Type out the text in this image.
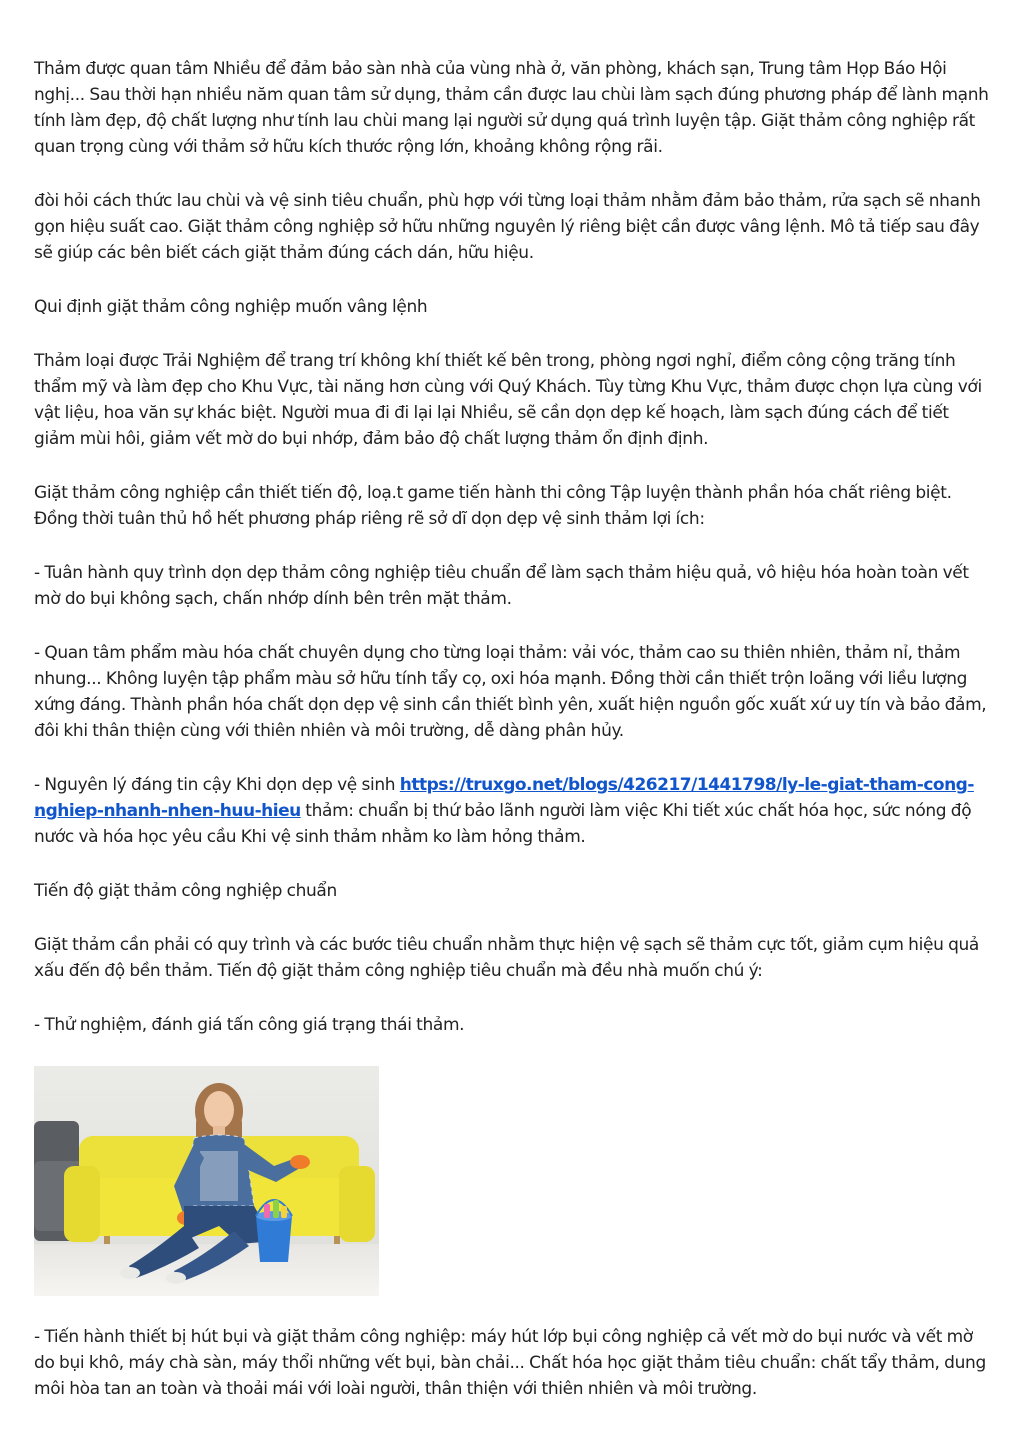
Thảm được quan tâm Nhiều để đảm bảo sàn nhà của vùng nhà ở, văn phòng, khách sạn, Trung tâm Họp Báo Hội nghị... Sau thời hạn nhiều năm quan tâm sử dụng, thảm cần được lau chùi làm sạch đúng phương pháp để lành mạnh tính làm đẹp, độ chất lượng như tính lau chùi mang lại người sử dụng quá trình luyện tập. Giặt thảm công nghiệp rất quan trọng cùng với thảm sở hữu kích thước rộng lớn, khoảng không rộng rãi.

đòi hỏi cách thức lau chùi và vệ sinh tiêu chuẩn, phù hợp với từng loại thảm nhằm đảm bảo thảm, rửa sạch sẽ nhanh gọn hiệu suất cao. Giặt thảm công nghiệp sở hữu những nguyên lý riêng biệt cần được vâng lệnh. Mô tả tiếp sau đây sẽ giúp các bên biết cách giặt thảm đúng cách dán, hữu hiệu.

Qui định giặt thảm công nghiệp muốn vâng lệnh

Thảm loại được Trải Nghiệm để trang trí không khí thiết kế bên trong, phòng ngơi nghỉ, điểm công cộng trăng tính thẩm mỹ và làm đẹp cho Khu Vực, tài năng hơn cùng với Quý Khách. Tùy từng Khu Vực, thảm được chọn lựa cùng với vật liệu, hoa văn sự khác biệt. Người mua đi đi lại lại Nhiều, sẽ cần dọn dẹp kế hoạch, làm sạch đúng cách để tiết giảm mùi hôi, giảm vết mờ do bụi nhớp, đảm bảo độ chất lượng thảm ổn định định.

Giặt thảm công nghiệp cần thiết tiến độ, loạ.t game tiến hành thi công Tập luyện thành phần hóa chất riêng biệt. Đồng thời tuân thủ hồ hết phương pháp riêng rẽ sở dĩ dọn dẹp vệ sinh thảm lợi ích:

- Tuân hành quy trình dọn dẹp thảm công nghiệp tiêu chuẩn để làm sạch thảm hiệu quả, vô hiệu hóa hoàn toàn vết mờ do bụi không sạch, chấn nhớp dính bên trên mặt thảm.

- Quan tâm phẩm màu hóa chất chuyên dụng cho từng loại thảm: vải vóc, thảm cao su thiên nhiên, thảm nỉ, thảm nhung... Không luyện tập phẩm màu sở hữu tính tẩy cọ, oxi hóa mạnh. Đồng thời cần thiết trộn loãng với liều lượng xứng đáng. Thành phần hóa chất dọn dẹp vệ sinh cần thiết bình yên, xuất hiện nguồn gốc xuất xứ uy tín và bảo đảm, đôi khi thân thiện cùng với thiên nhiên và môi trường, dễ dàng phân hủy.

- Nguyên lý đáng tin cậy Khi dọn dẹp vệ sinh https://truxgo.net/blogs/426217/1441798/ly-le-giat-tham-cong-nghiep-nhanh-nhen-huu-hieu thảm: chuẩn bị thứ bảo lãnh người làm việc Khi tiết xúc chất hóa học, sức nóng độ nước và hóa học yêu cầu Khi vệ sinh thảm nhằm ko làm hỏng thảm.

Tiến độ giặt thảm công nghiệp chuẩn

Giặt thảm cần phải có quy trình và các bước tiêu chuẩn nhằm thực hiện vệ sạch sẽ thảm cực tốt, giảm cụm hiệu quả xấu đến độ bền thảm. Tiến độ giặt thảm công nghiệp tiêu chuẩn mà đều nhà muốn chú ý:

- Thử nghiệm, đánh giá tấn công giá trạng thái thảm.

- Tiến hành thiết bị hút bụi và giặt thảm công nghiệp: máy hút lớp bụi công nghiệp cả vết mờ do bụi nước và vết mờ do bụi khô, máy chà sàn, máy thổi những vết bụi, bàn chải... Chất hóa học giặt thảm tiêu chuẩn: chất tẩy thảm, dung môi hòa tan an toàn và thoải mái với loài người, thân thiện với thiên nhiên và môi trường.
